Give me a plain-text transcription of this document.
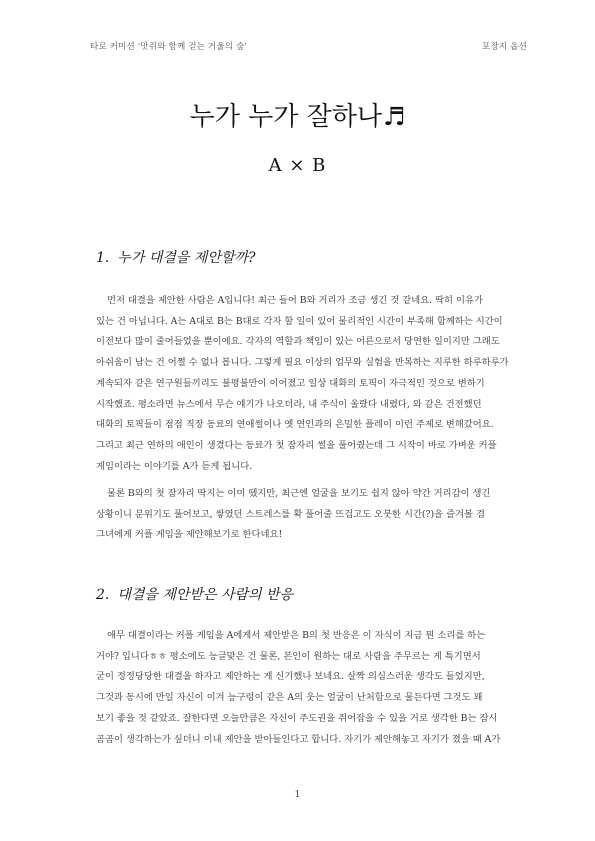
타로 커미션 '맛쥐와 함께 걷는 거울의 숲'	포장지 옵션
누가 누가 잘하나♬
A × B
1. 누가 대결을 제안할까?
먼저 대결을 제안한 사람은 A입니다! 최근 들어 B와 거리가 조금 생긴 것 같네요. 딱히 이유가
있는 건 아닙니다. A는 A대로 B는 B대로 각자 할 일이 있어 물리적인 시간이 부족해 함께하는 시간이
이전보다 많이 줄어들었을 뿐이에요. 각자의 역할과 책임이 있는 어른으로서 당연한 일이지만 그래도
아쉬움이 남는 건 어쩔 수 없나 봅니다. 그렇게 필요 이상의 업무와 실험을 반복하는 지루한 하루하루가
계속되자 같은 연구원들끼리도 불평불만이 이어졌고 일상 대화의 토픽이 자극적인 것으로 변하기
시작했죠. 평소라면 뉴스에서 무슨 얘기가 나오더라, 내 주식이 올랐다 내렸다, 와 같은 건전했던
대화의 토픽들이 점점 직장 동료의 연애썰이나 옛 연인과의 은밀한 플레이 이런 주제로 변해갔어요.
그리고 최근 연하의 애인이 생겼다는 동료가 첫 잠자리 썰을 풀어줬는데 그 시작이 바로 가벼운 커플
게임이라는 이야기를 A가 듣게 됩니다.
물론 B와의 첫 잠자리 딱지는 이미 뗐지만, 최근엔 얼굴을 보기도 쉽지 않아 약간 거리감이 생긴
상황이니 분위기도 풀어보고, 쌓였던 스트레스를 확 풀어줄 뜨겁고도 오붓한 시간(?)을 즐겨볼 겸
그녀에게 커플 게임을 제안해보기로 한다네요!
2. 대결을 제안받은 사람의 반응
애무 대결이라는 커플 게임을 A에게서 제안받은 B의 첫 반응은 이 자식이 지금 뭔 소리를 하는
거야? 입니다ㅎㅎ 평소에도 능글맞은 건 물론, 본인이 원하는 대로 사람을 주무르는 게 특기면서
굳이 정정당당한 대결을 하자고 제안하는 게 신기했나 보네요. 살짝 의심스러운 생각도 들었지만,
그것과 동시에 만일 자신이 이겨 능구렁이 같은 A의 웃는 얼굴이 난처함으로 물든다면 그것도 꽤
보기 좋을 것 같았죠. 잘한다면 오늘만큼은 자신이 주도권을 쥐어잡을 수 있을 거로 생각한 B는 잠시
곰곰이 생각하는가 싶더니 이내 제안을 받아들인다고 합니다. 자기가 제안해놓고 자기가 졌을 때 A가
1
